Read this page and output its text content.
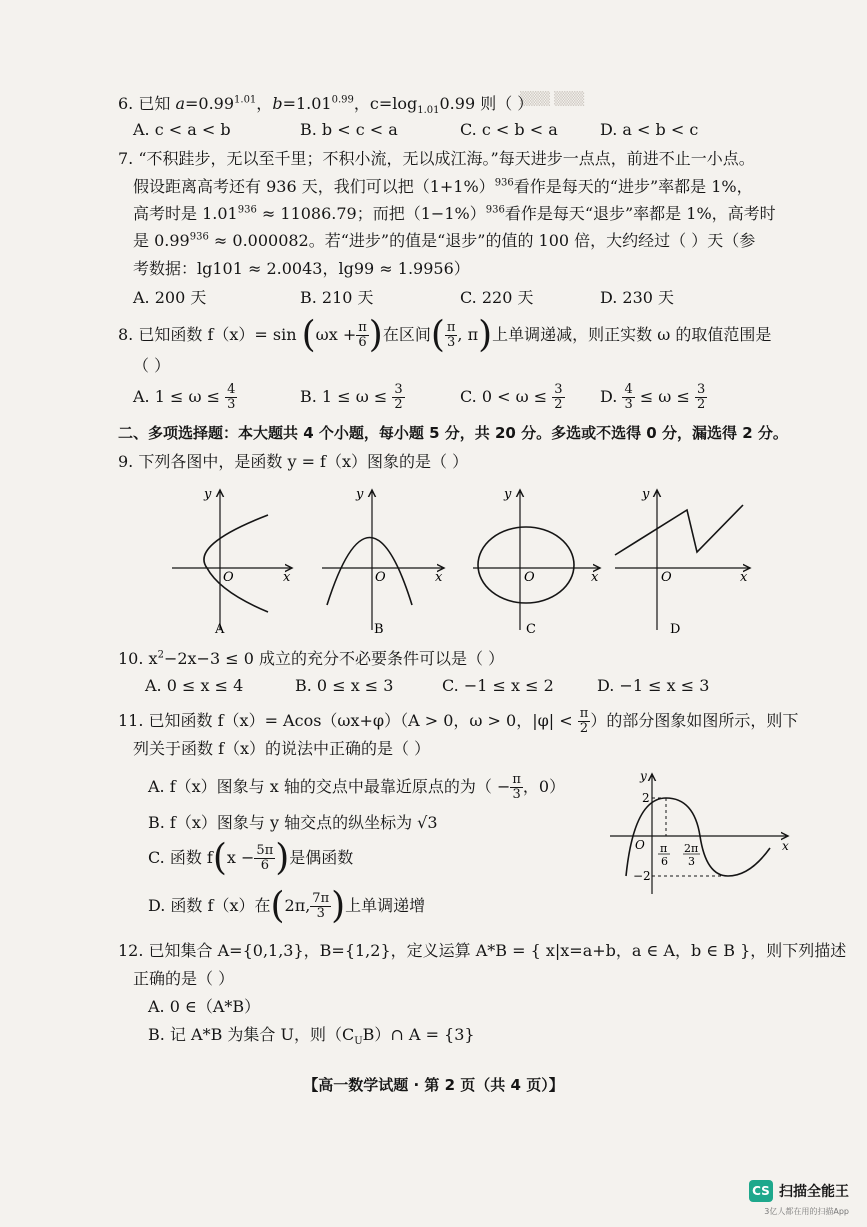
▒▒▒ ▒▒▒
6. 已知 $a=0.99^{1.01}$，$b=1.01^{0.99}$，$c=\log_{1.01}0.99$ 则（ ）
A. c < a < b	B. b < c < a	C. c < b < a	D. a < b < c
7. “不积跬步，无以至千里；不积小流，无以成江海。”每天进步一点点，前进不止一小点。
假设距离高考还有 936 天，我们可以把$(1+1\%)^{936}$看作是每天的“进步”率都是 1%，
高考时是 $1.01^{936} \approx 11086.79$；而把$(1-1\%)^{936}$看作是每天“退步”率都是 1%，高考时
是 $0.99^{936} \approx 0.000082$。若“进步”的值是“退步”的值的 100 倍，大约经过（ ）天（参
考数据：lg101 ≈ 2.0043，lg99 ≈ 1.9956）
A. 200 天	B. 210 天	C. 220 天	D. 230 天
8. 已知函数 $f(x)= \sin (\omega x + \frac{\pi}{6}$ )在区间( $\frac{\pi}{3}$ , π)上单调递减，则正实数 ω 的取值范围是
（ ）
A. $1 \le \omega \le \frac{4}{3}$	B. $1 \le \omega \le \frac{3}{2}$	C. $0 < \omega \le \frac{3}{2} D$. $\frac{4}{3} \le \omega \le \frac{3}{2}$
二、多项选择题：本大题共 4 个小题，每小题 5 分，共 20 分。多选或不选得 0 分，漏选得 2 分。
9. 下列各图中，是函数 y = f（x）图象的是（ ）
y
O	x
A
y
O	x
B
y
O	x
C
y
O	x
D
10. $x^2-2x-3 \le 0$ 成立的充分不必要条件可以是（ ）
A. 0 ≤ x ≤ 4	B. 0 ≤ x ≤ 3	C. −1 ≤ x ≤ 2	D. −1 ≤ x ≤ 3
11. 已知函数 f（x）= Acos（ωx+φ）（A > 0，ω > 0，$|\varphi| < \frac{\pi}{2}$ ）的部分图象如图所示，则下
列关于函数 f（x）的说法中正确的是（ ）
A. f（x）图象与 x 轴的交点中最靠近原点的为（ − $\frac{\pi}{3}$ ，0）
B. f（x）图象与 y 轴交点的纵坐标为 √3
C. 函数 $f(x - \frac{5\pi}{6}$ )是偶函数
D. 函数 f（x）在(2π, $\frac{7\pi}{3}$ )上单调递增
y
2
O	x
π
6
2π
3
−2
12. 已知集合 A={0,1,3}，B={1,2}，定义运算 A*B = { x|x=a+b，a ∈ A，b ∈ B }，则下列描述
正确的是（ ）
A. 0 ∈（A*B）
B. 记 A*B 为集合 U，则$(C_UB)\cap$ A = {3}
【高一数学试题 · 第 2 页（共 4 页）】
CS 扫描全能王
3亿人都在用的扫描App
